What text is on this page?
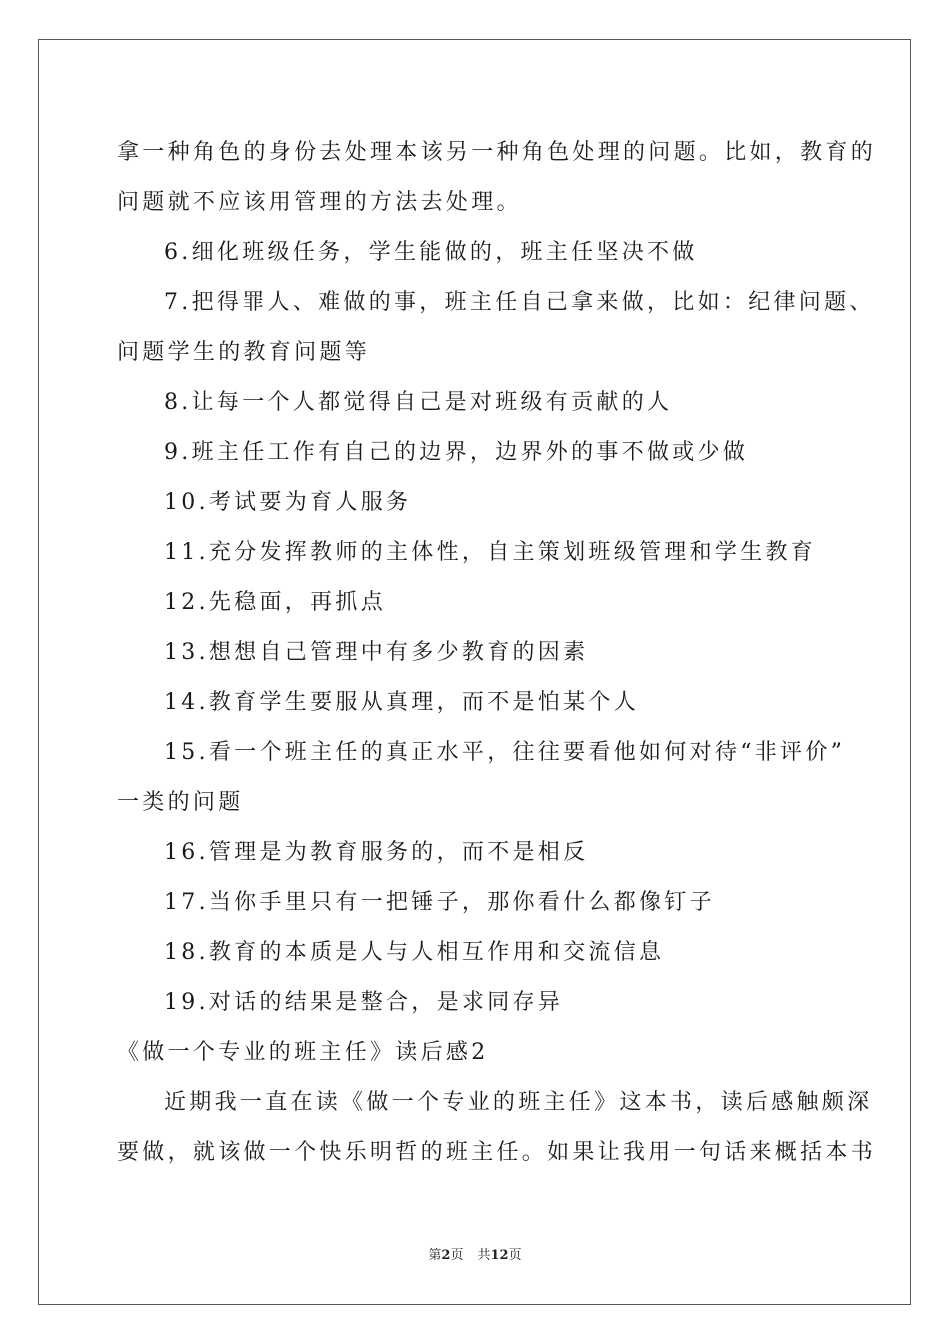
拿一种角色的身份去处理本该另一种角色处理的问题。比如，教育的
问题就不应该用管理的方法去处理。
6.细化班级任务，学生能做的，班主任坚决不做
7.把得罪人、难做的事，班主任自己拿来做，比如：纪律问题、
问题学生的教育问题等
8.让每一个人都觉得自己是对班级有贡献的人
9.班主任工作有自己的边界，边界外的事不做或少做
10.考试要为育人服务
11.充分发挥教师的主体性，自主策划班级管理和学生教育
12.先稳面，再抓点
13.想想自己管理中有多少教育的因素
14.教育学生要服从真理，而不是怕某个人
15.看一个班主任的真正水平，往往要看他如何对待“非评价”
一类的问题
16.管理是为教育服务的，而不是相反
17.当你手里只有一把锤子，那你看什么都像钉子
18.教育的本质是人与人相互作用和交流信息
19.对话的结果是整合，是求同存异
《做一个专业的班主任》读后感2
近期我一直在读《做一个专业的班主任》这本书，读后感触颇深
要做，就该做一个快乐明哲的班主任。如果让我用一句话来概括本书
第2页 共12页
